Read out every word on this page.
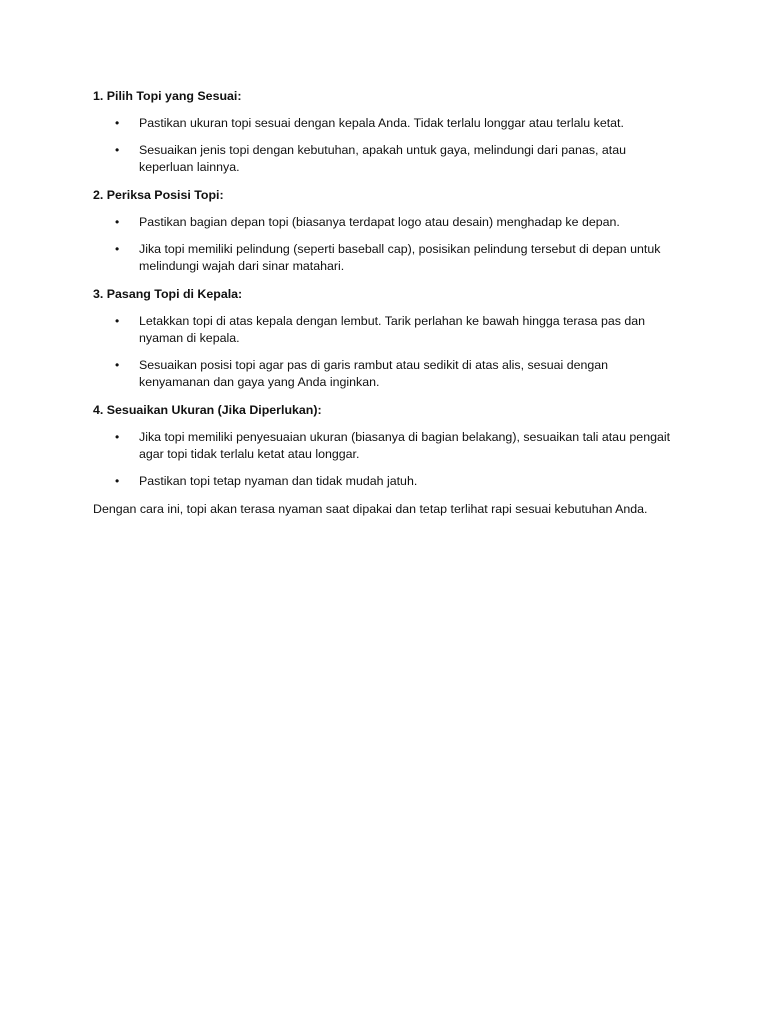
1. Pilih Topi yang Sesuai:

• Pastikan ukuran topi sesuai dengan kepala Anda. Tidak terlalu longgar atau terlalu ketat.
• Sesuaikan jenis topi dengan kebutuhan, apakah untuk gaya, melindungi dari panas, atau keperluan lainnya.

2. Periksa Posisi Topi:

• Pastikan bagian depan topi (biasanya terdapat logo atau desain) menghadap ke depan.
• Jika topi memiliki pelindung (seperti baseball cap), posisikan pelindung tersebut di depan untuk melindungi wajah dari sinar matahari.

3. Pasang Topi di Kepala:

• Letakkan topi di atas kepala dengan lembut. Tarik perlahan ke bawah hingga terasa pas dan nyaman di kepala.
• Sesuaikan posisi topi agar pas di garis rambut atau sedikit di atas alis, sesuai dengan kenyamanan dan gaya yang Anda inginkan.

4. Sesuaikan Ukuran (Jika Diperlukan):

• Jika topi memiliki penyesuaian ukuran (biasanya di bagian belakang), sesuaikan tali atau pengait agar topi tidak terlalu ketat atau longgar.
• Pastikan topi tetap nyaman dan tidak mudah jatuh.

Dengan cara ini, topi akan terasa nyaman saat dipakai dan tetap terlihat rapi sesuai kebutuhan Anda.
